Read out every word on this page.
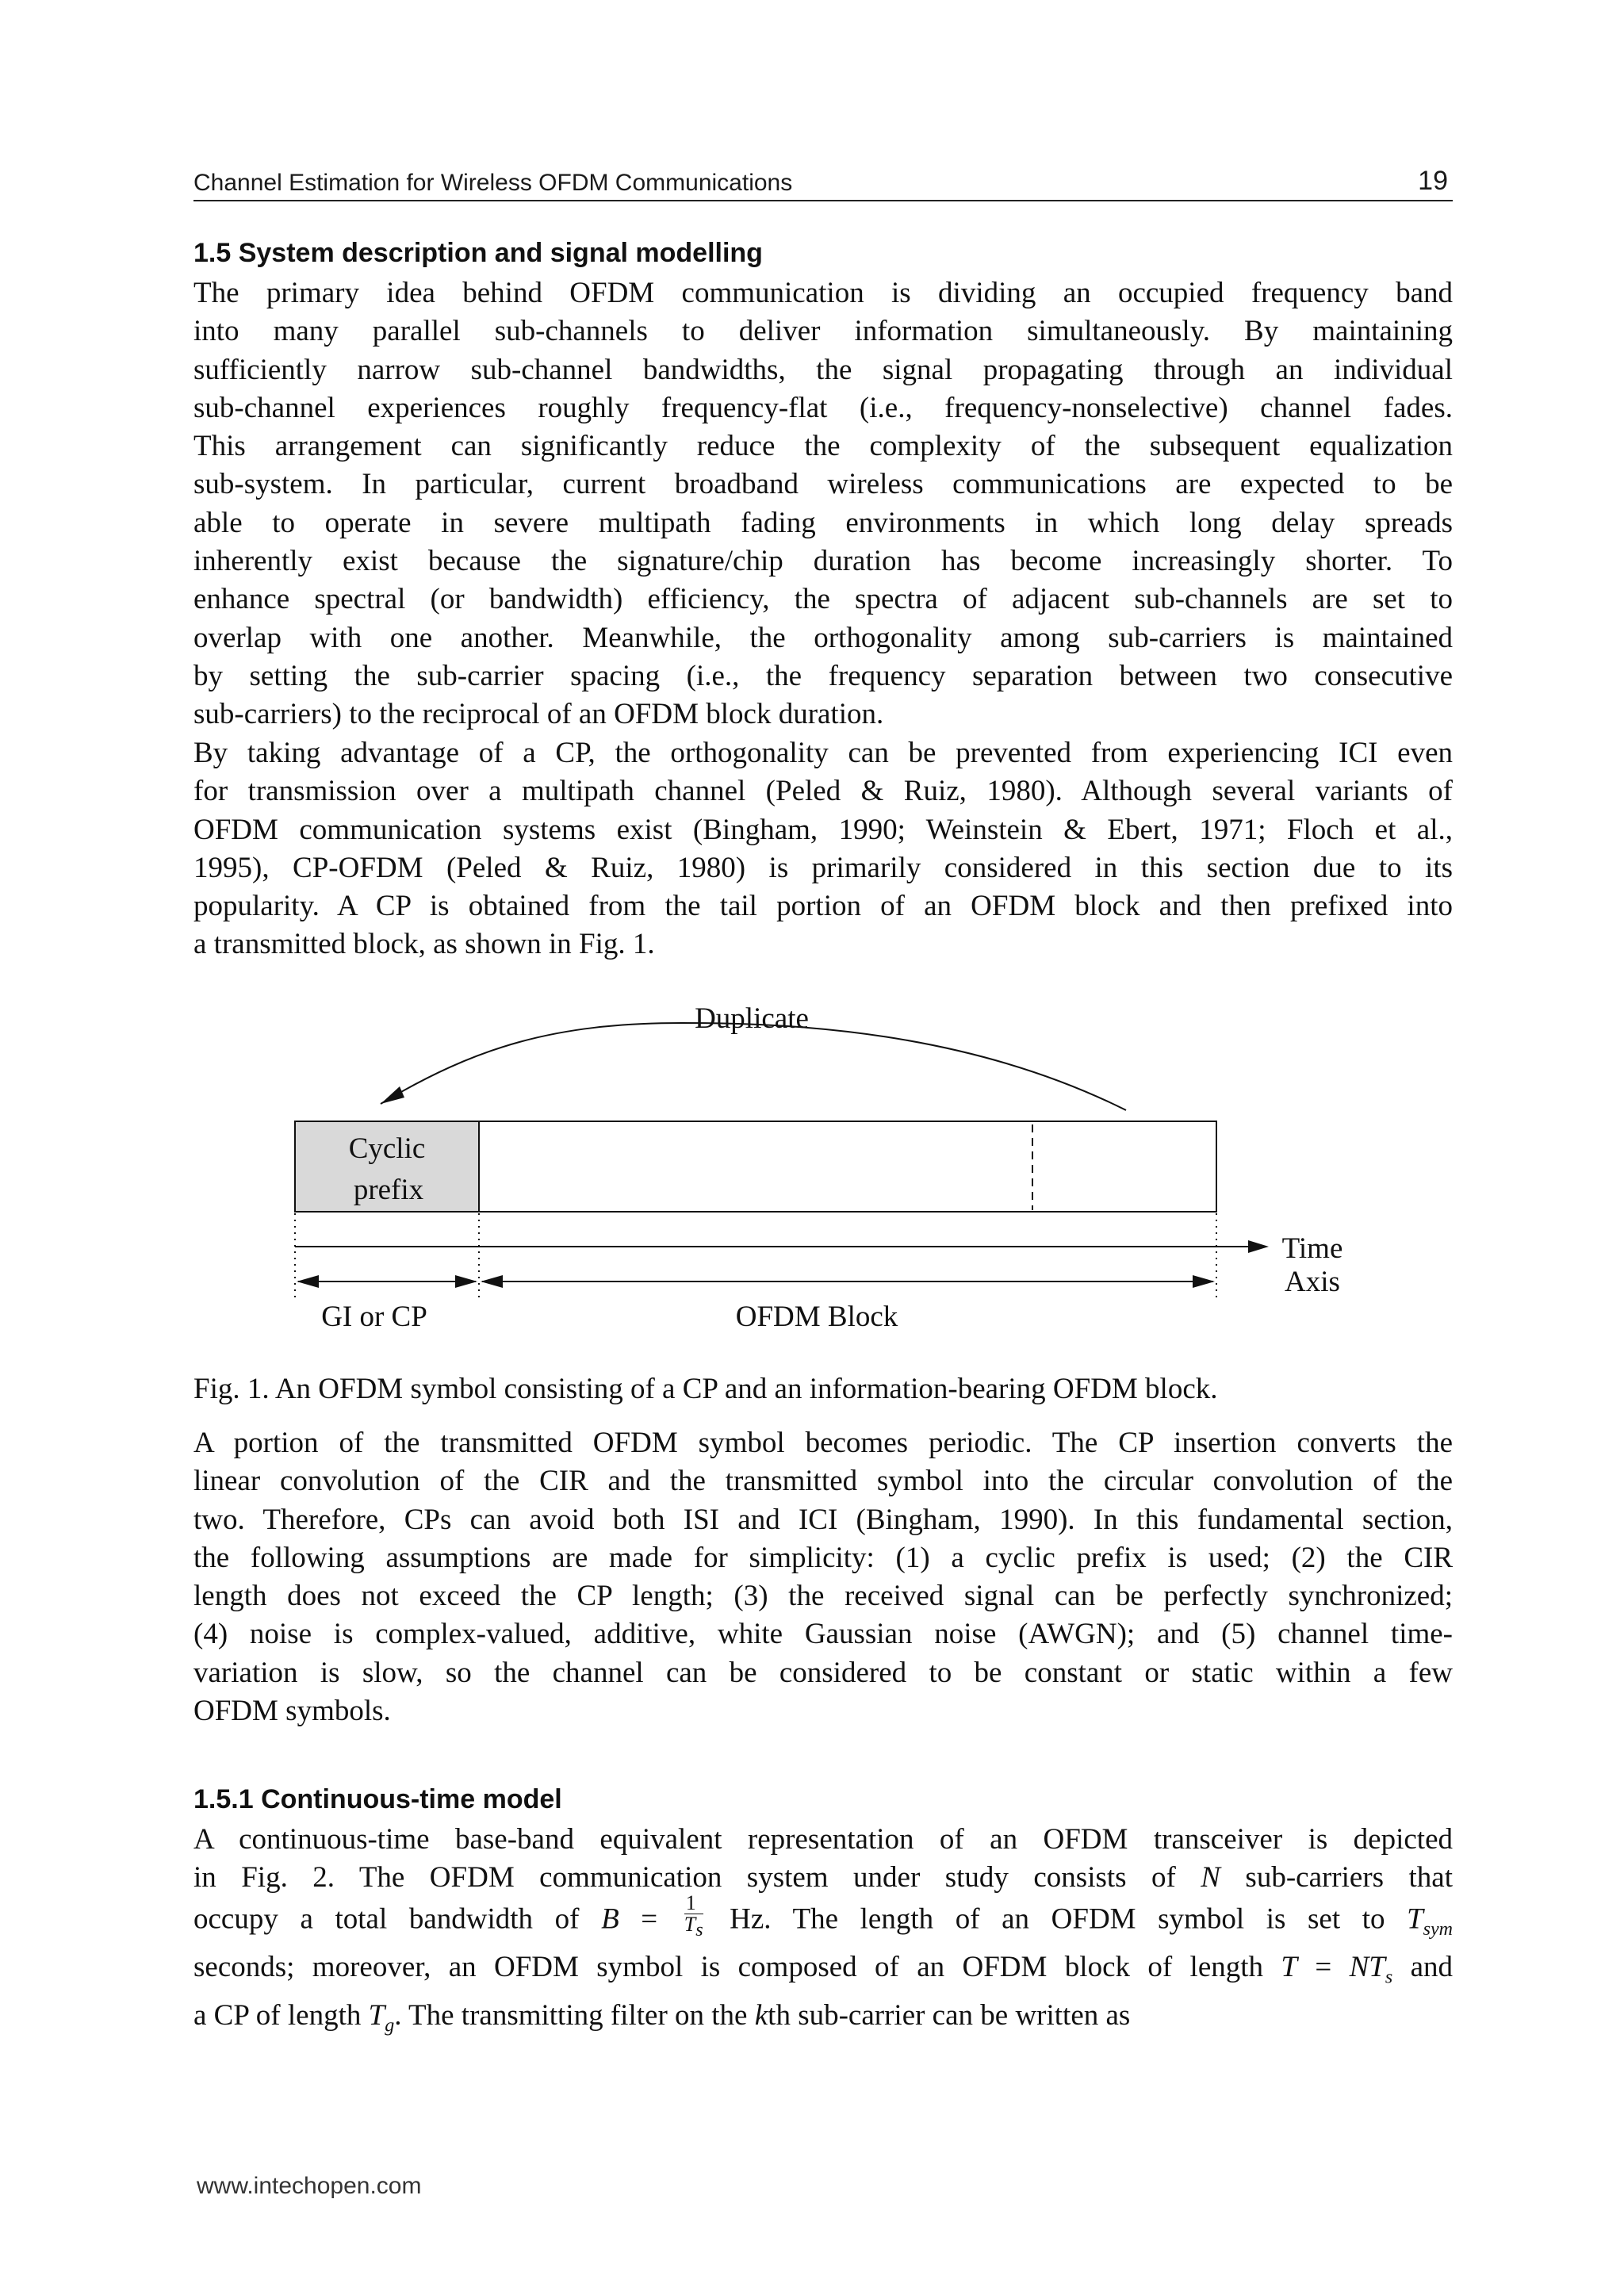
Channel Estimation for Wireless OFDM Communications	19
1.5 System description and signal modelling
The primary idea behind OFDM communication is dividing an occupied frequency band
into many parallel sub-channels to deliver information simultaneously. By maintaining
sufficiently narrow sub-channel bandwidths, the signal propagating through an individual
sub-channel experiences roughly frequency-flat (i.e., frequency-nonselective) channel fades.
This arrangement can significantly reduce the complexity of the subsequent equalization
sub-system. In particular, current broadband wireless communications are expected to be
able to operate in severe multipath fading environments in which long delay spreads
inherently exist because the signature/chip duration has become increasingly shorter. To
enhance spectral (or bandwidth) efficiency, the spectra of adjacent sub-channels are set to
overlap with one another. Meanwhile, the orthogonality among sub-carriers is maintained
by setting the sub-carrier spacing (i.e., the frequency separation between two consecutive
sub-carriers) to the reciprocal of an OFDM block duration.
By taking advantage of a CP, the orthogonality can be prevented from experiencing ICI even
for transmission over a multipath channel (Peled & Ruiz, 1980). Although several variants of
OFDM communication systems exist (Bingham, 1990; Weinstein & Ebert, 1971; Floch et al.,
1995), CP-OFDM (Peled & Ruiz, 1980) is primarily considered in this section due to its
popularity. A CP is obtained from the tail portion of an OFDM block and then prefixed into
a transmitted block, as shown in Fig. 1.
Duplicate
Cyclic
prefix
Time
Axis
GI or CP	OFDM Block

Fig. 1. An OFDM symbol consisting of a CP and an information-bearing OFDM block.

A portion of the transmitted OFDM symbol becomes periodic. The CP insertion converts the
linear convolution of the CIR and the transmitted symbol into the circular convolution of the
two. Therefore, CPs can avoid both ISI and ICI (Bingham, 1990). In this fundamental section,
the following assumptions are made for simplicity: (1) a cyclic prefix is used; (2) the CIR
length does not exceed the CP length; (3) the received signal can be perfectly synchronized;
(4) noise is complex-valued, additive, white Gaussian noise (AWGN); and (5) channel time-
variation is slow, so the channel can be considered to be constant or static within a few
OFDM symbols.
1.5.1 Continuous-time model
A continuous-time base-band equivalent representation of an OFDM transceiver is depicted
in Fig. 2. The OFDM communication system under study consists of N sub-carriers that
occupy a total bandwidth of $B = \frac{1}{T_s} Hz$. The length of an OFDM symbol is set to $T_{sym}$
seconds; moreover, an OFDM symbol is composed of an OFDM block of length $T = NT_s$ and
a CP of length $T_g$. The transmitting filter on the kth sub-carrier can be written as
www.intechopen.com
